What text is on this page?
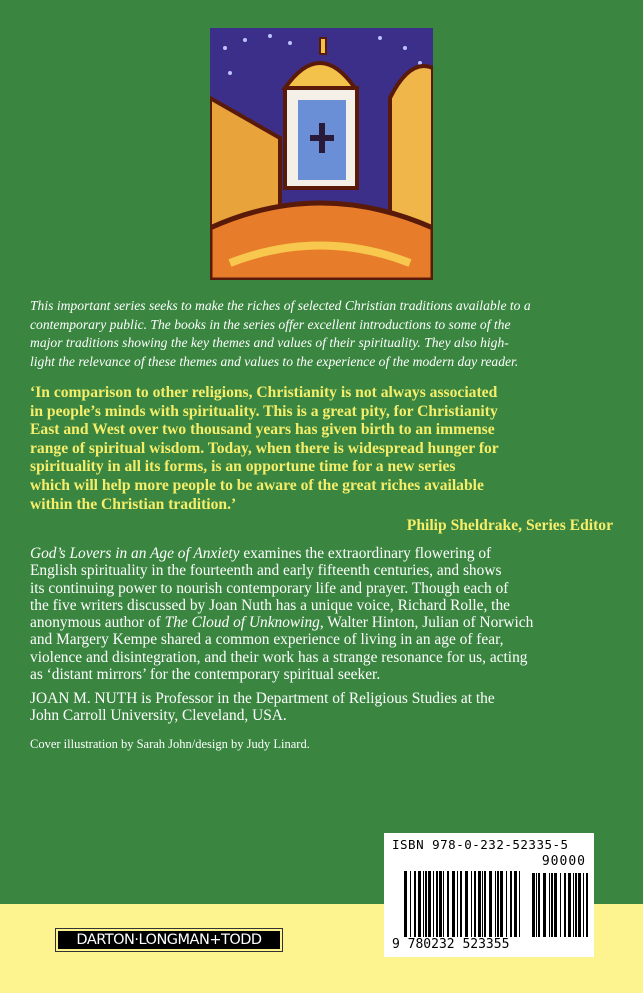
This important series seeks to make the riches of selected Christian traditions available to a
contemporary public. The books in the series offer excellent introductions to some of the
major traditions showing the key themes and values of their spirituality. They also high-
light the relevance of these themes and values to the experience of the modern day reader.
‘In comparison to other religions, Christianity is not always associated
in people’s minds with spirituality. This is a great pity, for Christianity
East and West over two thousand years has given birth to an immense
range of spiritual wisdom. Today, when there is widespread hunger for
spirituality in all its forms, is an opportune time for a new series
which will help more people to be aware of the great riches available
within the Christian tradition.’
Philip Sheldrake, Series Editor
God’s Lovers in an Age of Anxiety examines the extraordinary flowering of
English spirituality in the fourteenth and early fifteenth centuries, and shows
its continuing power to nourish contemporary life and prayer. Though each of
the five writers discussed by Joan Nuth has a unique voice, Richard Rolle, the
anonymous author of The Cloud of Unknowing, Walter Hinton, Julian of Norwich
and Margery Kempe shared a common experience of living in an age of fear,
violence and disintegration, and their work has a strange resonance for us, acting
as ‘distant mirrors’ for the contemporary spiritual seeker.
JOAN M. NUTH is Professor in the Department of Religious Studies at the
John Carroll University, Cleveland, USA.
Cover illustration by Sarah John/design by Judy Linard.
ISBN 978-0-232-52335-5
90000
9 780232 523355
DARTON·LONGMAN+TODD
